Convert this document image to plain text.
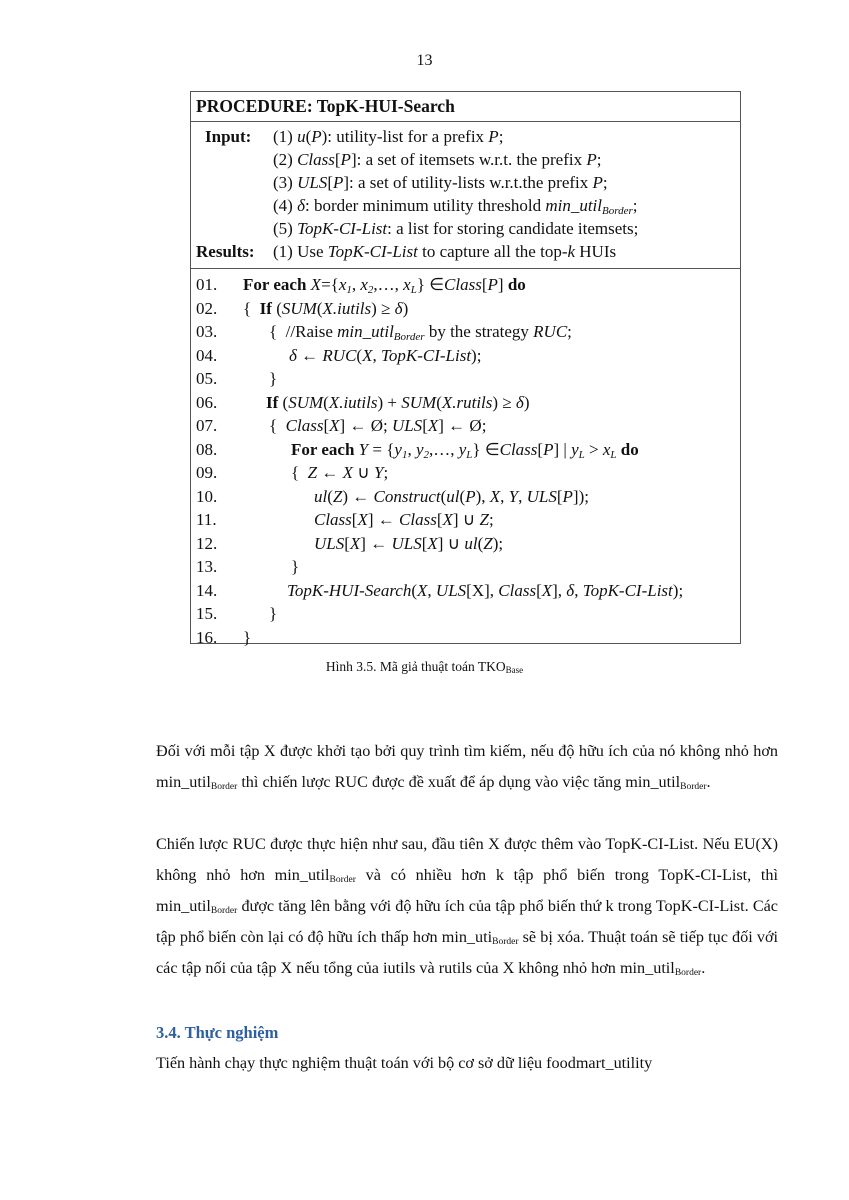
13
PROCEDURE: TopK-HUI-Search
Input: (1) u(P): utility-list for a prefix P;
(2) Class[P]: a set of itemsets w.r.t. the prefix P;
(3) ULS[P]: a set of utility-lists w.r.t.the prefix P;
(4) δ: border minimum utility threshold min_util$_{Border}$;
(5) TopK-CI-List: a list for storing candidate itemsets;
Results: (1) Use TopK-CI-List to capture all the top-k HUIs
01. For each $X=\{x_1$, $x_2,\dots$, $x_L$} ∈Class[P] do
02. {  If (SUM(X.iutils) ≥ δ)
03.	{  //Raise min_util$_{Border}$ by the strategy RUC;
04.	δ ← RUC(X, TopK-CI-List);
05.	}
06.	If (SUM(X.iutils) + SUM(X.rutils) ≥ δ)
07.	{  Class[X] ← Ø; ULS[X] ← Ø;
08.	For each $Y = \{y_1$, $y_2,\dots$, $y_L$} ∈Class[P] | $y_L > x_L$ do
09.	{  Z ← X ∪ Y;
10.	ul(Z) ← Construct(ul(P), X, Y, ULS[P]);
11.	Class[X] ← Class[X] ∪ Z;
12.	ULS[X] ← ULS[X] ∪ ul(Z);
13.	}
14.	TopK-HUI-Search(X, ULS[X], Class[X], δ, TopK-CI-List);
15.	}
16. }
Hình 3.5. Mã giả thuật toán $TKO_{Base}$
Đối với mỗi tập X được khởi tạo bởi quy trình tìm kiếm, nếu độ hữu ích của nó không nhỏ hơn min_util$_{Border}$ thì chiến lược RUC được đề xuất để áp dụng vào việc tăng min_util$_{Border}$.
Chiến lược RUC được thực hiện như sau, đầu tiên X được thêm vào TopK-CI-List. Nếu EU(X) không nhỏ hơn min_util$_{Border}$ và có nhiều hơn k tập phổ biến trong TopK-CI-List, thì min_util$_{Border}$ được tăng lên bằng với độ hữu ích của tập phổ biến thứ k trong TopK-CI-List. Các tập phổ biến còn lại có độ hữu ích thấp hơn min_uti$_{Border}$ sẽ bị xóa. Thuật toán sẽ tiếp tục đối với các tập nối của tập X nếu tổng của iutils và rutils của X không nhỏ hơn min_util$_{Border}$.
3.4. Thực nghiệm
Tiến hành chạy thực nghiệm thuật toán với bộ cơ sở dữ liệu foodmart_utility
